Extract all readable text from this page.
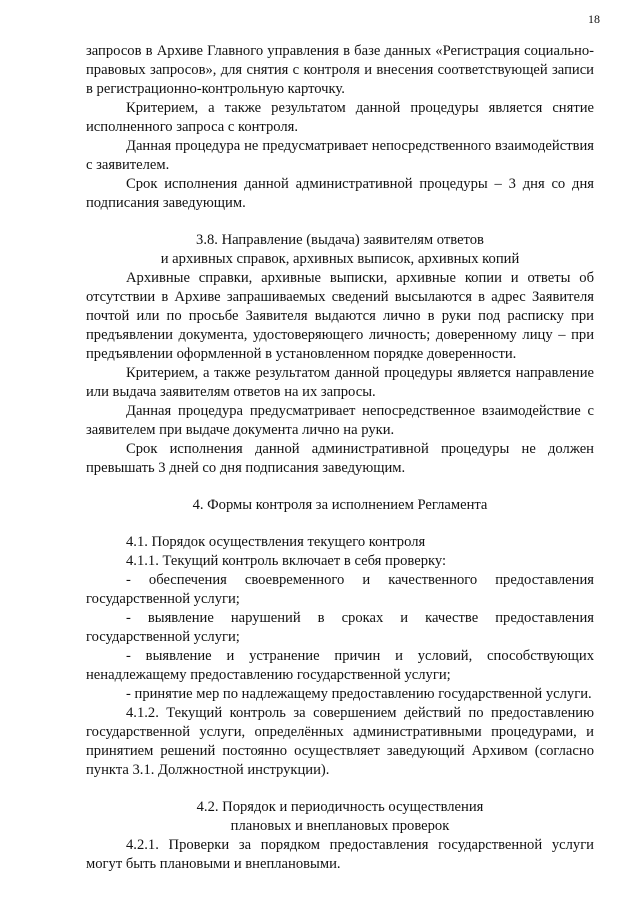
18

запросов в Архиве Главного управления в базе данных «Регистрация социально-правовых запросов», для снятия с контроля и внесения соответствующей записи в регистрационно-контрольную карточку.

Критерием, а также результатом данной процедуры является снятие исполненного запроса с контроля.

Данная процедура не предусматривает непосредственного взаимодействия с заявителем.

Срок исполнения данной административной процедуры – 3 дня со дня подписания заведующим.

3.8. Направление (выдача) заявителям ответов
и архивных справок, архивных выписок, архивных копий

Архивные справки, архивные выписки, архивные копии и ответы об отсутствии в Архиве запрашиваемых сведений высылаются в адрес Заявителя почтой или по просьбе Заявителя выдаются лично в руки под расписку при предъявлении документа, удостоверяющего личность; доверенному лицу – при предъявлении оформленной в установленном порядке доверенности.

Критерием, а также результатом данной процедуры является направление или выдача заявителям ответов на их запросы.

Данная процедура предусматривает непосредственное взаимодействие с заявителем при выдаче документа лично на руки.

Срок исполнения данной административной процедуры не должен превышать 3 дней со дня подписания заведующим.

4. Формы контроля за исполнением Регламента

4.1. Порядок осуществления текущего контроля

4.1.1. Текущий контроль включает в себя проверку:

- обеспечения своевременного и качественного предоставления государственной услуги;

- выявление нарушений в сроках и качестве предоставления государственной услуги;

- выявление и устранение причин и условий, способствующих ненадлежащему предоставлению государственной услуги;

- принятие мер по надлежащему предоставлению государственной услуги.

4.1.2. Текущий контроль за совершением действий по предоставлению государственной услуги, определённых административными процедурами, и принятием решений постоянно осуществляет заведующий Архивом (согласно пункта 3.1. Должностной инструкции).

4.2. Порядок и периодичность осуществления
плановых и внеплановых проверок

4.2.1. Проверки за порядком предоставления государственной услуги могут быть плановыми и внеплановыми.
